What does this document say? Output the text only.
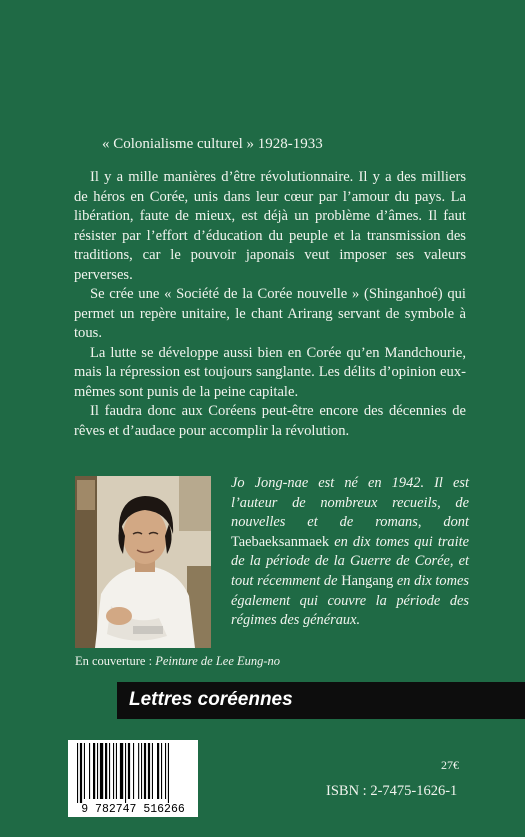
« Colonialisme culturel » 1928-1933

Il y a mille manières d’être révolutionnaire. Il y a des milliers de héros en Corée, unis dans leur cœur par l’amour du pays. La libération, faute de mieux, est déjà un problème d’âmes. Il faut résister par l’effort d’éducation du peuple et la transmission des traditions, car le pouvoir japonais veut imposer ses valeurs perverses.

Se crée une « Société de la Corée nouvelle » (Shinganhoé) qui permet un repère unitaire, le chant Arirang servant de symbole à tous.

La lutte se développe aussi bien en Corée qu’en Mandchourie, mais la répression est toujours sanglante. Les délits d’opinion eux-mêmes sont punis de la peine capitale.

Il faudra donc aux Coréens peut-être encore des décennies de rêves et d’audace pour accomplir la révolution.

Jo Jong-nae est né en 1942. Il est l’auteur de nombreux recueils, de nouvelles et de romans, dont Taebaeksanmaek en dix tomes qui traite de la période de la Guerre de Corée, et tout récemment de Hangang en dix tomes également qui couvre la période des régimes des généraux.

En couverture : Peinture de Lee Eung-no

Lettres coréennes
9 782747 516266
27€
ISBN : 2-7475-1626-1
